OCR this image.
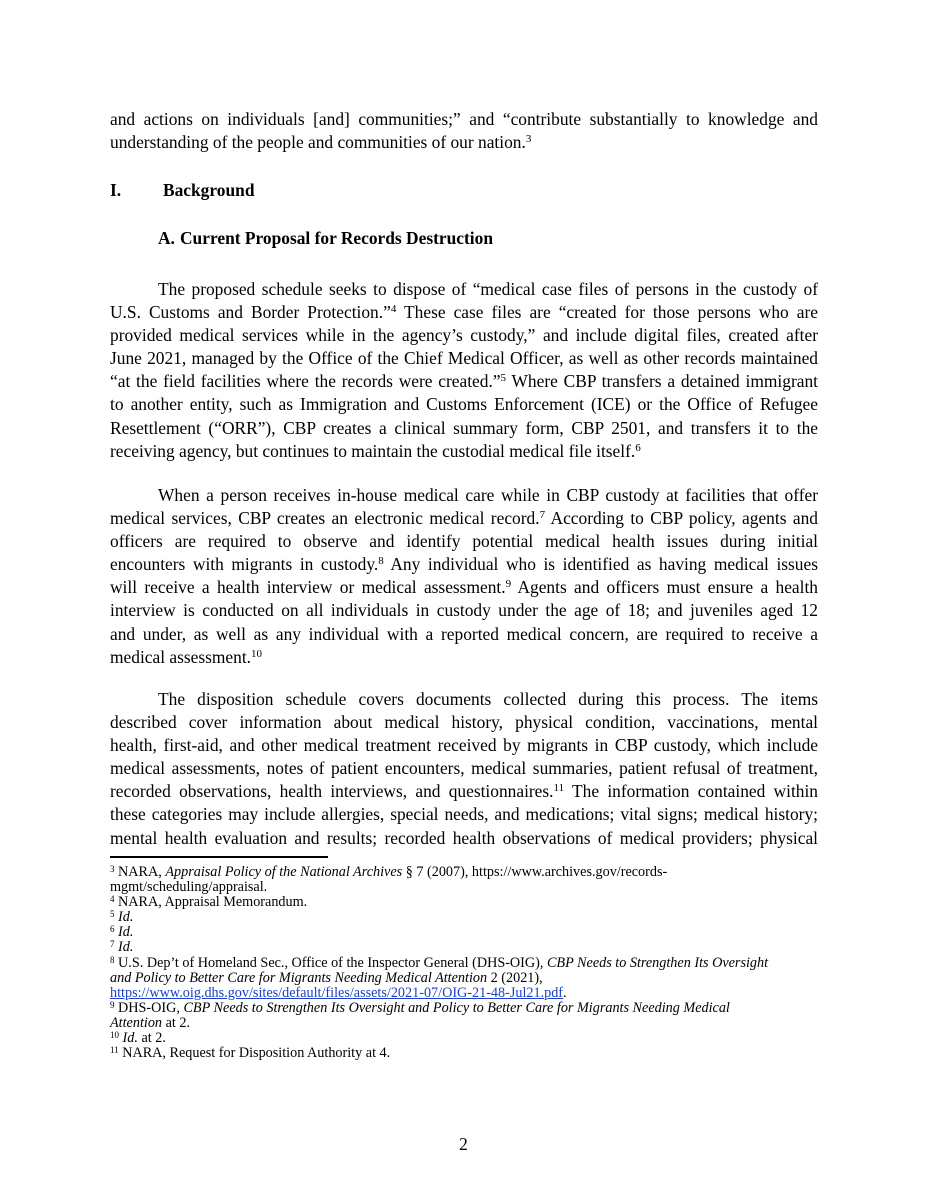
and actions on individuals [and] communities;” and “contribute substantially to knowledge and
understanding of the people and communities of our nation.$^3$
I. Background
A. Current Proposal for Records Destruction
The proposed schedule seeks to dispose of “medical case files of persons in the custody of
U.S. Customs and Border Protection.”$^4$ These case files are “created for those persons who are
provided medical services while in the agency’s custody,” and include digital files, created after
June 2021, managed by the Office of the Chief Medical Officer, as well as other records maintained
“at the field facilities where the records were created.”$^5$ Where CBP transfers a detained immigrant
to another entity, such as Immigration and Customs Enforcement (ICE) or the Office of Refugee
Resettlement (“ORR”), CBP creates a clinical summary form, CBP 2501, and transfers it to the
receiving agency, but continues to maintain the custodial medical file itself.$^6$
When a person receives in-house medical care while in CBP custody at facilities that offer
medical services, CBP creates an electronic medical record.$^7$ According to CBP policy, agents and
officers are required to observe and identify potential medical health issues during initial
encounters with migrants in custody.$^8$ Any individual who is identified as having medical issues
will receive a health interview or medical assessment.$^9$ Agents and officers must ensure a health
interview is conducted on all individuals in custody under the age of 18; and juveniles aged 12
and under, as well as any individual with a reported medical concern, are required to receive a
medical assessment.$^{10}$
The disposition schedule covers documents collected during this process. The items
described cover information about medical history, physical condition, vaccinations, mental
health, first-aid, and other medical treatment received by migrants in CBP custody, which include
medical assessments, notes of patient encounters, medical summaries, patient refusal of treatment,
recorded observations, health interviews, and questionnaires.$^{11}$ The information contained within
these categories may include allergies, special needs, and medications; vital signs; medical history;
mental health evaluation and results; recorded health observations of medical providers; physical
$^3$ NARA, Appraisal Policy of the National Archives § 7 (2007), https://www.archives.gov/records-
mgmt/scheduling/appraisal.
$^4$ NARA, Appraisal Memorandum.
$^5$ Id.
$^6$ Id.
$^7$ Id.
$^8$ U.S. Dep’t of Homeland Sec., Office of the Inspector General (DHS-OIG), CBP Needs to Strengthen Its Oversight
and Policy to Better Care for Migrants Needing Medical Attention 2 (2021),
https://www.oig.dhs.gov/sites/default/files/assets/2021-07/OIG-21-48-Jul21.pdf.
$^9$ DHS-OIG, CBP Needs to Strengthen Its Oversight and Policy to Better Care for Migrants Needing Medical
Attention at 2.
$^{10}$ Id. at 2.
$^{11}$ NARA, Request for Disposition Authority at 4.
2
